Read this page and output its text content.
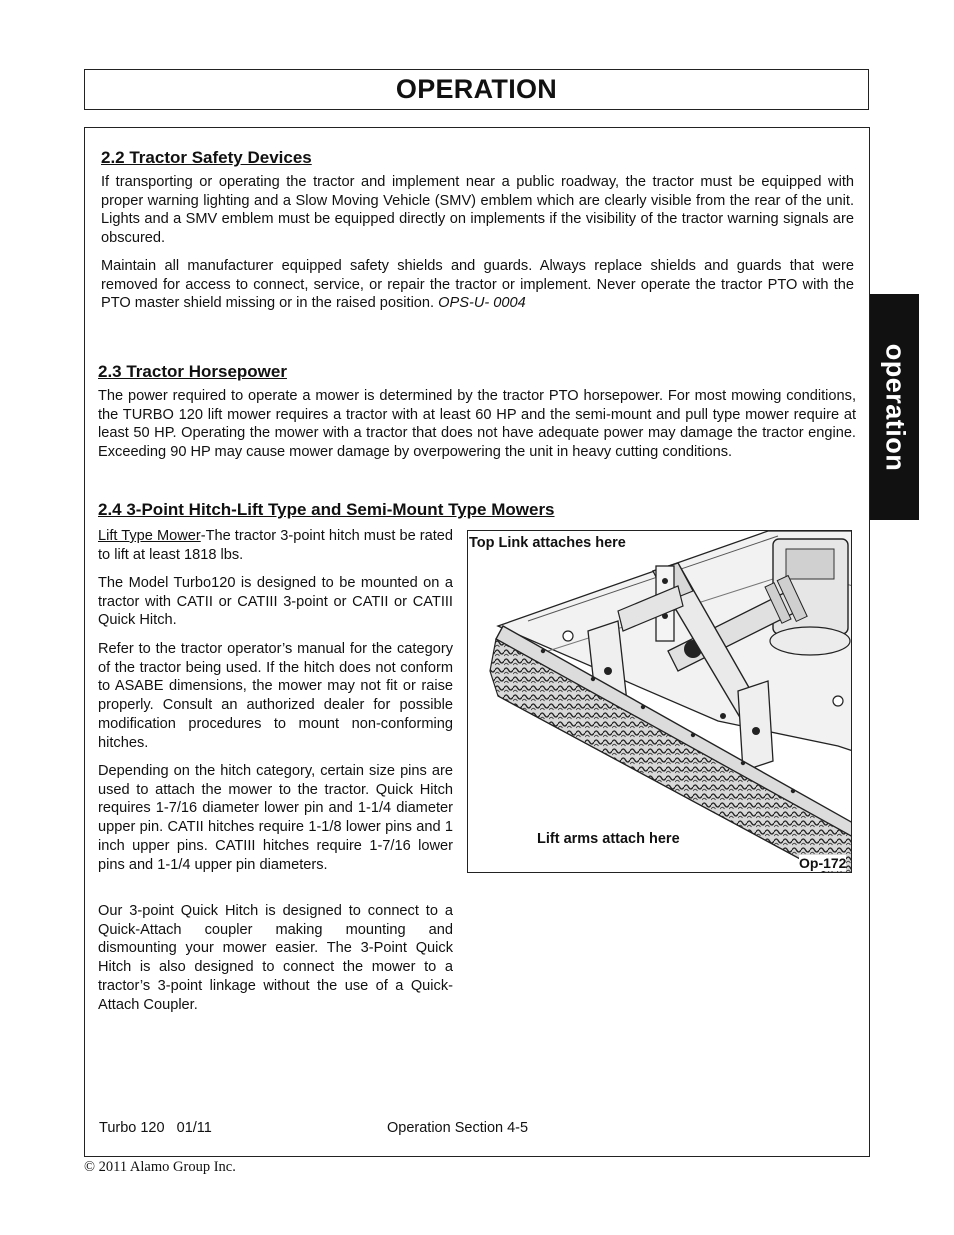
OPERATION
operation
2.2 Tractor Safety Devices

If transporting or operating the tractor and implement near a public roadway, the tractor must be equipped with proper warning lighting and a Slow Moving Vehicle (SMV) emblem which are clearly visible from the rear of the unit. Lights and a SMV emblem must be equipped directly on implements if the visibility of the tractor warning signals are obscured.

Maintain all manufacturer equipped safety shields and guards. Always replace shields and guards that were removed for access to connect, service, or repair the tractor or implement. Never operate the tractor PTO with the PTO master shield missing or in the raised position. OPS-U- 0004

2.3 Tractor Horsepower

The power required to operate a mower is determined by the tractor PTO horsepower. For most mowing conditions, the TURBO 120 lift mower requires a tractor with at least 60 HP and the semi-mount and pull type mower require at least 50 HP. Operating the mower with a tractor that does not have adequate power may damage the tractor engine. Exceeding 90 HP may cause mower damage by overpowering the unit in heavy cutting conditions.

2.4 3-Point Hitch-Lift Type and Semi-Mount Type Mowers

Lift Type Mower-The tractor 3-point hitch must be rated to lift at least 1818 lbs.

The Model Turbo120 is designed to be mounted on a tractor with CATII or CATIII 3-point or CATII or CATIII Quick Hitch.

Refer to the tractor operator’s manual for the category of the tractor being used. If the hitch does not conform to ASABE dimensions, the mower may not fit or raise properly. Consult an authorized dealer for possible modification procedures to mount non-conforming hitches.

Depending on the hitch category, certain size pins are used to attach the mower to the tractor. Quick Hitch requires 1-7/16 diameter lower pin and 1-1/4 diameter upper pin. CATII hitches require 1-1/8 lower pins and 1 inch upper pins. CATIII hitches require 1-7/16 lower pins and 1-1/4 upper pin diameters.

Our 3-point Quick Hitch is designed to connect to a Quick-Attach coupler making mounting and dismounting your mower easier. The 3-Point Quick Hitch is also designed to connect the mower to a tractor’s 3-point linkage without the use of a Quick-Attach Coupler.

Top Link attaches here
Lift arms attach here
Op-172
Turbo 120   01/11	Operation Section 4-5
© 2011 Alamo Group Inc.
